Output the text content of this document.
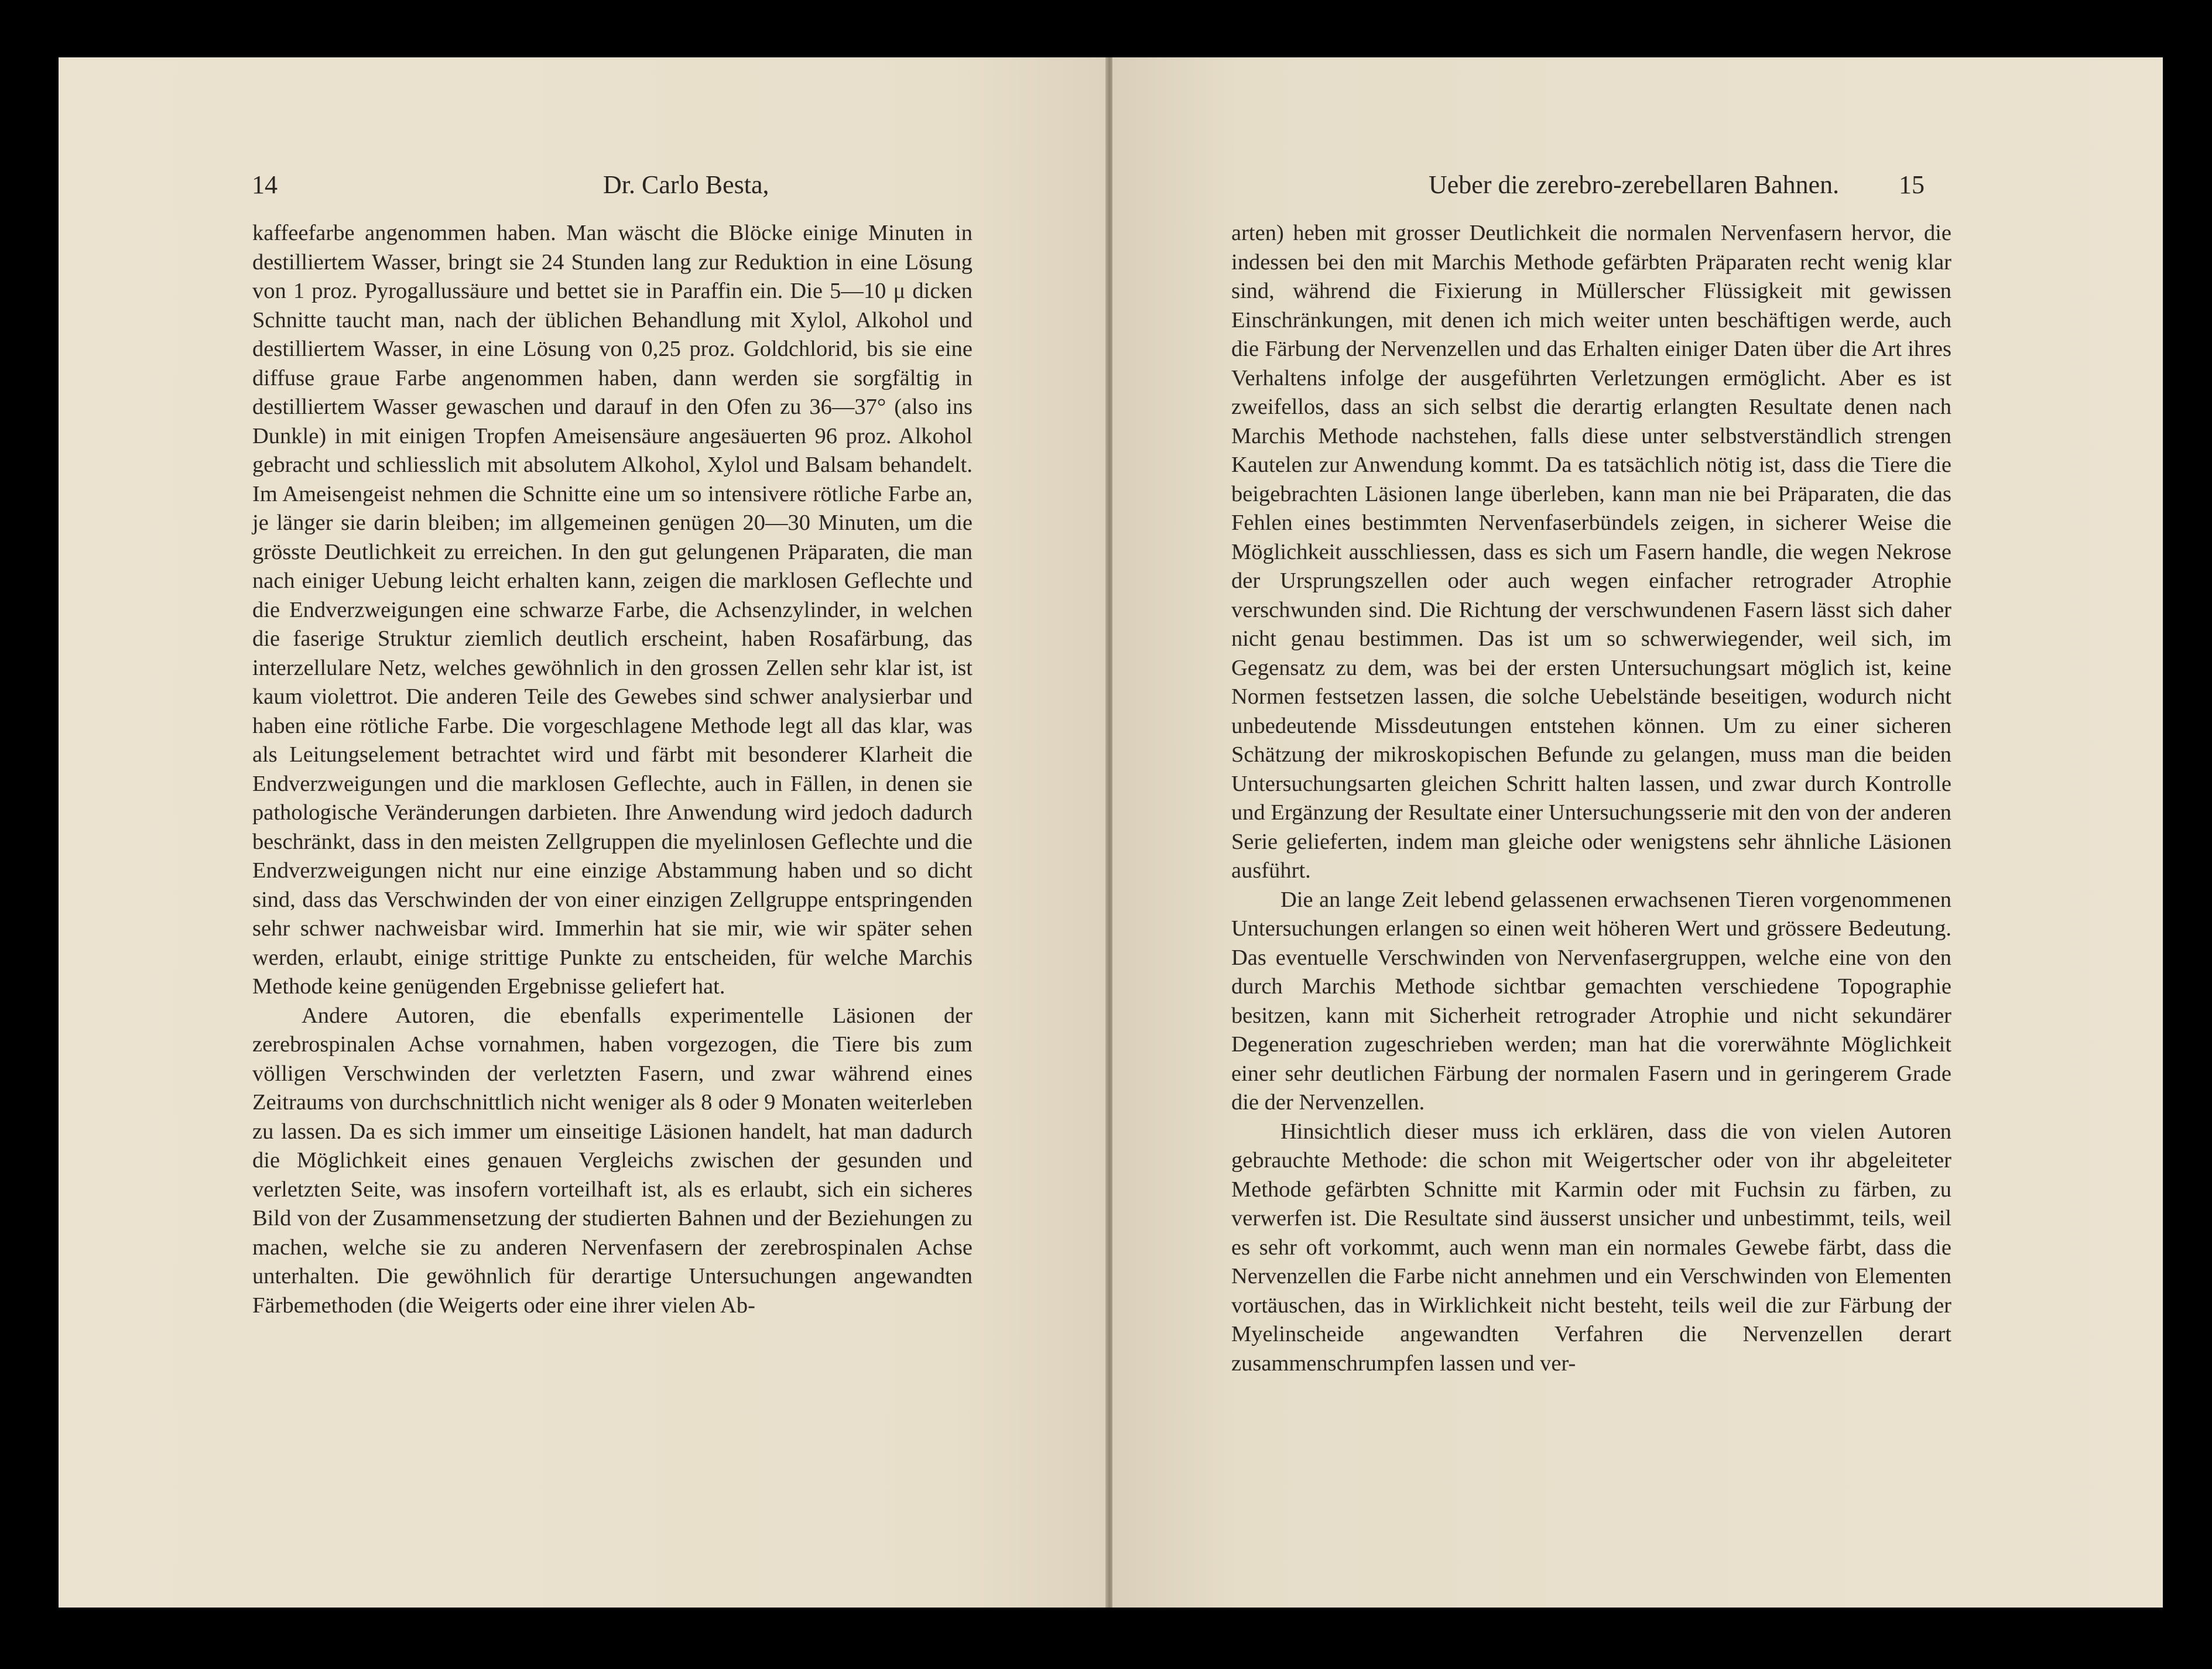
14	Dr. Carlo Besta,

kaffeefarbe angenommen haben. Man wäscht die Blöcke einige Minuten in destilliertem Wasser, bringt sie 24 Stunden lang zur Reduktion in eine Lösung von 1 proz. Pyrogallussäure und bettet sie in Paraffin ein. Die 5—10 μ dicken Schnitte taucht man, nach der üblichen Behandlung mit Xylol, Alkohol und destilliertem Wasser, in eine Lösung von 0,25 proz. Goldchlorid, bis sie eine diffuse graue Farbe angenommen haben, dann werden sie sorgfältig in destilliertem Wasser gewaschen und darauf in den Ofen zu 36—37° (also ins Dunkle) in mit einigen Tropfen Ameisensäure angesäuerten 96 proz. Alkohol gebracht und schliesslich mit absolutem Alkohol, Xylol und Balsam behandelt. Im Ameisengeist nehmen die Schnitte eine um so intensivere rötliche Farbe an, je länger sie darin bleiben; im allgemeinen genügen 20—30 Minuten, um die grösste Deutlichkeit zu erreichen. In den gut gelungenen Präparaten, die man nach einiger Uebung leicht erhalten kann, zeigen die marklosen Geflechte und die Endverzweigungen eine schwarze Farbe, die Achsenzylinder, in welchen die faserige Struktur ziemlich deutlich erscheint, haben Rosafärbung, das interzellulare Netz, welches gewöhnlich in den grossen Zellen sehr klar ist, ist kaum violettrot. Die anderen Teile des Gewebes sind schwer analysierbar und haben eine rötliche Farbe. Die vorgeschlagene Methode legt all das klar, was als Leitungselement betrachtet wird und färbt mit besonderer Klarheit die Endverzweigungen und die marklosen Geflechte, auch in Fällen, in denen sie pathologische Veränderungen darbieten. Ihre Anwendung wird jedoch dadurch beschränkt, dass in den meisten Zellgruppen die myelinlosen Geflechte und die Endverzweigungen nicht nur eine einzige Abstammung haben und so dicht sind, dass das Verschwinden der von einer einzigen Zellgruppe entspringenden sehr schwer nachweisbar wird. Immerhin hat sie mir, wie wir später sehen werden, erlaubt, einige strittige Punkte zu entscheiden, für welche Marchis Methode keine genügenden Ergebnisse geliefert hat.

Andere Autoren, die ebenfalls experimentelle Läsionen der zerebrospinalen Achse vornahmen, haben vorgezogen, die Tiere bis zum völligen Verschwinden der verletzten Fasern, und zwar während eines Zeitraums von durchschnittlich nicht weniger als 8 oder 9 Monaten weiterleben zu lassen. Da es sich immer um einseitige Läsionen handelt, hat man dadurch die Möglichkeit eines genauen Vergleichs zwischen der gesunden und verletzten Seite, was insofern vorteilhaft ist, als es erlaubt, sich ein sicheres Bild von der Zusammensetzung der studierten Bahnen und der Beziehungen zu machen, welche sie zu anderen Nervenfasern der zerebrospinalen Achse unterhalten. Die gewöhnlich für derartige Untersuchungen angewandten Färbemethoden (die Weigerts oder eine ihrer vielen Ab-

Ueber die zerebro-zerebellaren Bahnen. 15

arten) heben mit grosser Deutlichkeit die normalen Nervenfasern hervor, die indessen bei den mit Marchis Methode gefärbten Präparaten recht wenig klar sind, während die Fixierung in Müllerscher Flüssigkeit mit gewissen Einschränkungen, mit denen ich mich weiter unten beschäftigen werde, auch die Färbung der Nervenzellen und das Erhalten einiger Daten über die Art ihres Verhaltens infolge der ausgeführten Verletzungen ermöglicht. Aber es ist zweifellos, dass an sich selbst die derartig erlangten Resultate denen nach Marchis Methode nachstehen, falls diese unter selbstverständlich strengen Kautelen zur Anwendung kommt. Da es tatsächlich nötig ist, dass die Tiere die beigebrachten Läsionen lange überleben, kann man nie bei Präparaten, die das Fehlen eines bestimmten Nervenfaserbündels zeigen, in sicherer Weise die Möglichkeit ausschliessen, dass es sich um Fasern handle, die wegen Nekrose der Ursprungszellen oder auch wegen einfacher retrograder Atrophie verschwunden sind. Die Richtung der verschwundenen Fasern lässt sich daher nicht genau bestimmen. Das ist um so schwerwiegender, weil sich, im Gegensatz zu dem, was bei der ersten Untersuchungsart möglich ist, keine Normen festsetzen lassen, die solche Uebelstände beseitigen, wodurch nicht unbedeutende Missdeutungen entstehen können. Um zu einer sicheren Schätzung der mikroskopischen Befunde zu gelangen, muss man die beiden Untersuchungsarten gleichen Schritt halten lassen, und zwar durch Kontrolle und Ergänzung der Resultate einer Untersuchungsserie mit den von der anderen Serie gelieferten, indem man gleiche oder wenigstens sehr ähnliche Läsionen ausführt.

Die an lange Zeit lebend gelassenen erwachsenen Tieren vorgenommenen Untersuchungen erlangen so einen weit höheren Wert und grössere Bedeutung. Das eventuelle Verschwinden von Nervenfasergruppen, welche eine von den durch Marchis Methode sichtbar gemachten verschiedene Topographie besitzen, kann mit Sicherheit retrograder Atrophie und nicht sekundärer Degeneration zugeschrieben werden; man hat die vorerwähnte Möglichkeit einer sehr deutlichen Färbung der normalen Fasern und in geringerem Grade die der Nervenzellen.

Hinsichtlich dieser muss ich erklären, dass die von vielen Autoren gebrauchte Methode: die schon mit Weigertscher oder von ihr abgeleiteter Methode gefärbten Schnitte mit Karmin oder mit Fuchsin zu färben, zu verwerfen ist. Die Resultate sind äusserst unsicher und unbestimmt, teils, weil es sehr oft vorkommt, auch wenn man ein normales Gewebe färbt, dass die Nervenzellen die Farbe nicht annehmen und ein Verschwinden von Elementen vortäuschen, das in Wirklichkeit nicht besteht, teils weil die zur Färbung der Myelinscheide angewandten Verfahren die Nervenzellen derart zusammenschrumpfen lassen und ver-
